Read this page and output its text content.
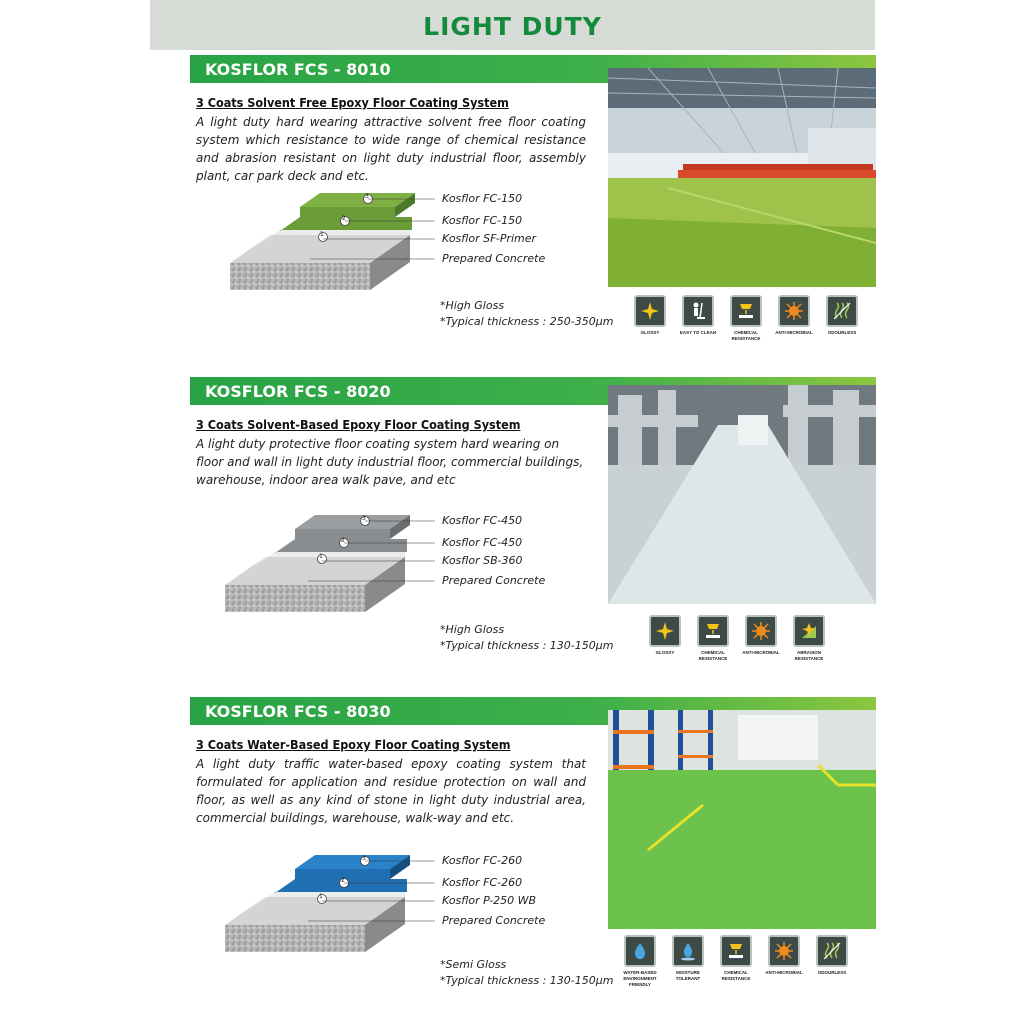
LIGHT DUTY
KOSFLOR FCS - 8010
3 Coats Solvent Free Epoxy Floor Coating System
A light duty hard wearing attractive solvent free floor coating system which resistance to wide range of chemical resistance and abrasion resistant on light duty industrial floor, assembly plant, car park deck and etc.
3
2
1
Kosflor FC-150
Kosflor FC-150
Kosflor SF-Primer
Prepared Concrete
*High Gloss
*Typical thickness : 250-350µm
GLOSSY	EASY TO CLEAN	CHEMICAL RESISTANCE
ANTI-MICROBIAL	ODOURLESS
KOSFLOR FCS - 8020
3 Coats Solvent-Based Epoxy Floor Coating System
A light duty protective floor coating system hard wearing on floor and wall in light duty industrial floor, commercial buildings, warehouse, indoor area walk pave, and etc
3
2
1
Kosflor FC-450
Kosflor FC-450
Kosflor SB-360
Prepared Concrete
*High Gloss
*Typical thickness : 130-150µm
GLOSSY	CHEMICAL RESISTANCE
ANTI-MICROBIAL	ABRASION RESISTANCE
KOSFLOR FCS - 8030
3 Coats Water-Based Epoxy Floor Coating System
A light duty traffic water-based epoxy coating system that formulated for application and residue protection on wall and floor, as well as any kind of stone in light duty industrial area, commercial buildings, warehouse, walk-way and etc.
3
2
1
Kosflor FC-260
Kosflor FC-260
Kosflor P-250 WB
Prepared Concrete
*Semi Gloss
*Typical thickness : 130-150µm
WATER-BASED ENVIRONMENT FRIENDLY
MOISTURE TOLERANT
CHEMICAL RESISTANCE
ANTI-MICROBIAL	ODOURLESS
